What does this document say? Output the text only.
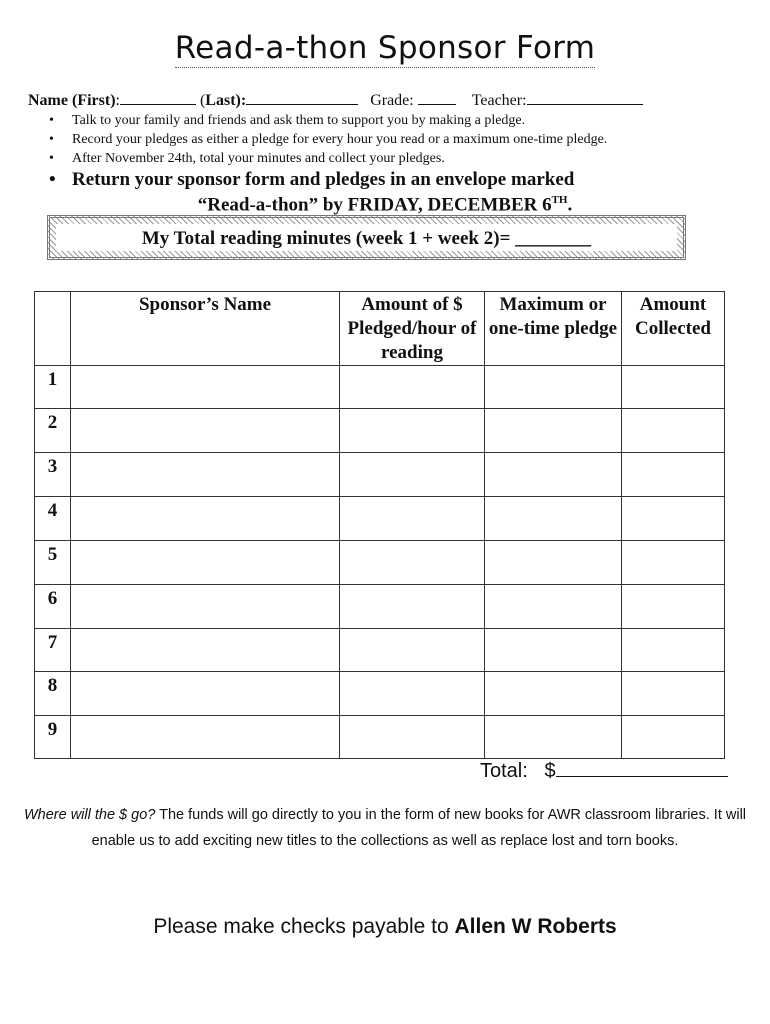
Read-a-thon Sponsor Form
Name (First):	(Last):	Grade:	Teacher:
•	Talk to your family and friends and ask them to support you by making a pledge.
•	Record your pledges as either a pledge for every hour you read or a maximum one-time pledge.
•	After November 24th, total your minutes and collect your pledges.
• Return your sponsor form and pledges in an envelope marked
“Read-a-thon” by FRIDAY, DECEMBER 6TH.
My Total reading minutes (week 1 + week 2)= ________
	Sponsor’s Name	Amount of $ Pledged/hour of reading	Maximum or one-time pledge	Amount Collected
1				
2				
3				
4				
5				
6				
7				
8				
9				
Total: $
Where will the $ go? The funds will go directly to you in the form of new books for AWR classroom libraries. It will enable us to add exciting new titles to the collections as well as replace lost and torn books.
Please make checks payable to Allen W Roberts
